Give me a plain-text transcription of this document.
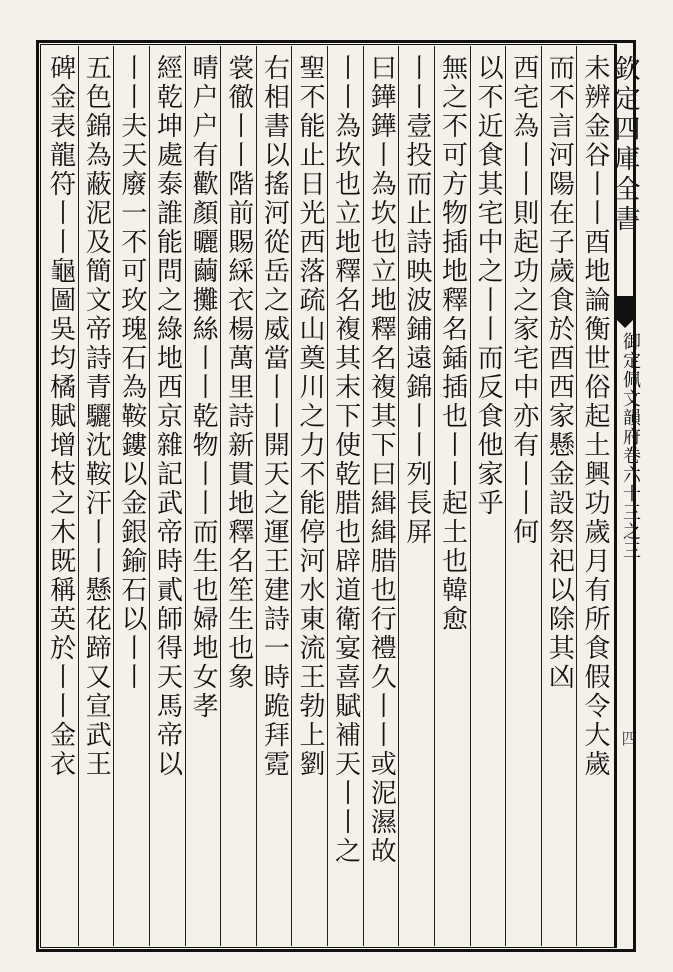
欽定四庫全書
御定佩文韻府卷六十三之三
四
未辨金谷丨丨酉地論衡世俗起土興功歲月有所食假令大歲
而不言河陽在子歲食於酉西家懸金設祭祀以除其凶
西宅為丨丨則起功之家宅中亦有丨丨何
以不近食其宅中之丨丨而反食他家乎
無之不可方物插地釋名鍤插也丨丨起土也韓愈
丨丨壹投而止詩映波鋪遠錦丨丨列長屏
曰鏵鏵丨為坎也立地釋名複其下曰緝緝腊也行禮久丨丨或泥濕故
丨丨為坎也立地釋名複其末下使乾腊也辟道衛宴喜賦補天丨丨之
聖不能止日光西落疏山奠川之力不能停河水東流王勃上劉
右相書以搖河從岳之威當丨丨開天之運王建詩一時跪拜霓
裳徹丨丨階前賜綵衣楊萬里詩新貫地釋名笙生也象
晴户户有歡顏曬繭攤絲丨丨乾物丨丨而生也婦地女孝
經乾坤處泰誰能問之綠地西京雜記武帝時貳師得天馬帝以
丨丨夫天廢一不可玫瑰石為鞍鏤以金銀鍮石以丨丨
五色錦為蔽泥及簡文帝詩青驪沈鞍汗丨丨懸花蹄又宣武王
碑金表龍符丨丨龜圖吳均橘賦增枝之木既稱英於丨丨金衣
